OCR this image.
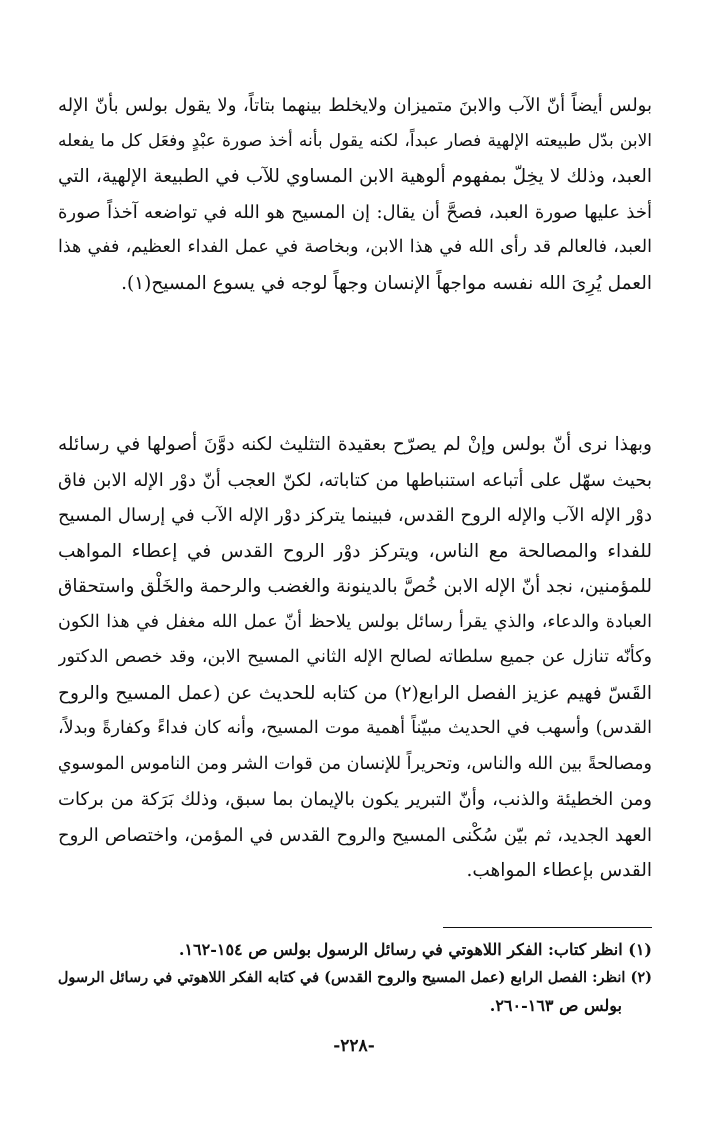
بولس أيضاً أنّ الآب والابنَ متميزان ولايخلط بينهما بتاتاً، ولا يقول بولس بأنّ الإله
الابن بدّل طبيعته الإلهية فصار عبداً، لكنه يقول بأنه أخذ صورة عبْدٍ وفعَل كل ما يفعله
العبد، وذلك لا يخِلّ بمفهوم ألوهية الابن المساوي للآب في الطبيعة الإلهية، التي
أخذ عليها صورة العبد، فصحَّ أن يقال: إن المسيح هو الله في تواضعه آخذاً صورة
العبد، فالعالم قد رأى الله في هذا الابن، وبخاصة في عمل الفداء العظيم، ففي هذا
العمل يُرِىَ الله نفسه مواجهاً الإنسان وجهاً لوجه في يسوع المسيح(١).
وبهذا نرى أنّ بولس وإنْ لم يصرّح بعقيدة التثليث لكنه دوَّنَ أصولها في رسائله
بحيث سهّل على أتباعه استنباطها من كتاباته، لكنّ العجب أنّ دوْر الإله الابن فاق
دوْر الإله الآب والإله الروح القدس، فبينما يتركز دوْر الإله الآب في إرسال المسيح
للفداء والمصالحة مع الناس، ويتركز دوْر الروح القدس في إعطاء المواهب
للمؤمنين، نجد أنّ الإله الابن خُصَّ بالدينونة والغضب والرحمة والخَلْق واستحقاق
العبادة والدعاء، والذي يقرأ رسائل بولس يلاحظ أنّ عمل الله مغفل في هذا الكون
وكأنّه تنازل عن جميع سلطاته لصالح الإله الثاني المسيح الابن، وقد خصص الدكتور
القَسّ فهيم عزيز الفصل الرابع(٢) من كتابه للحديث عن (عمل المسيح والروح
القدس) وأسهب في الحديث مبيّناً أهمية موت المسيح، وأنه كان فداءً وكفارةً وبدلاً،
ومصالحةً بين الله والناس، وتحريراً للإنسان من قوات الشر ومن الناموس الموسوي
ومن الخطيئة والذنب، وأنّ التبرير يكون بالإيمان بما سبق، وذلك بَرَكة من بركات
العهد الجديد، ثم بيّن سُكْنى المسيح والروح القدس في المؤمن، واختصاص الروح
القدس بإعطاء المواهب.
(١) انظر كتاب: الفكر اللاهوتي في رسائل الرسول بولس ص ١٥٤-١٦٢.
(٢) انظر: الفصل الرابع (عمل المسيح والروح القدس) في كتابه الفكر اللاهوتي في رسائل الرسول
بولس ص ١٦٣-٢٦٠.
-٢٢٨-
